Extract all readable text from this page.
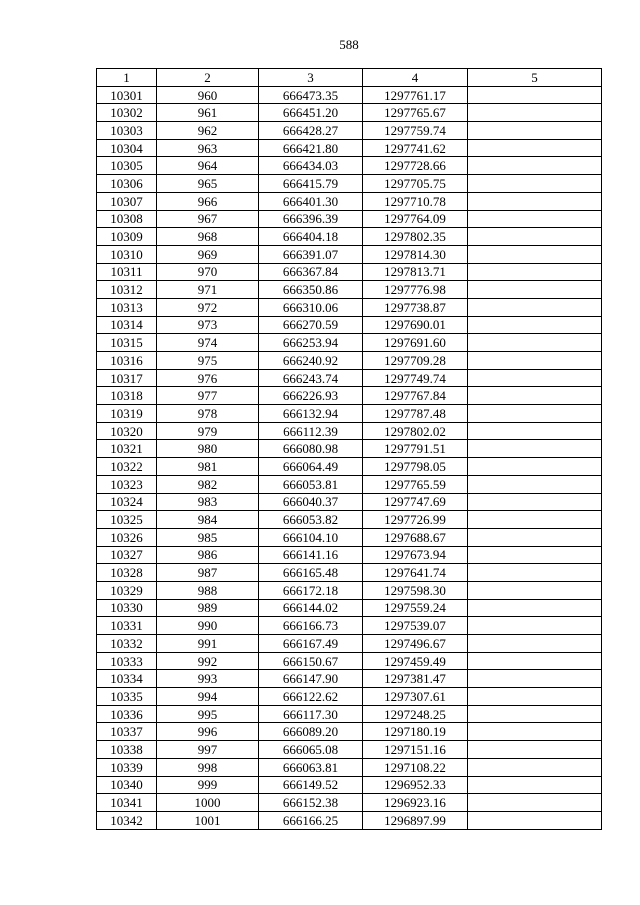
588
1	2	3	4	5
10301	960	666473.35	1297761.17	
10302	961	666451.20	1297765.67	
10303	962	666428.27	1297759.74	
10304	963	666421.80	1297741.62	
10305	964	666434.03	1297728.66	
10306	965	666415.79	1297705.75	
10307	966	666401.30	1297710.78	
10308	967	666396.39	1297764.09	
10309	968	666404.18	1297802.35	
10310	969	666391.07	1297814.30	
10311	970	666367.84	1297813.71	
10312	971	666350.86	1297776.98	
10313	972	666310.06	1297738.87	
10314	973	666270.59	1297690.01	
10315	974	666253.94	1297691.60	
10316	975	666240.92	1297709.28	
10317	976	666243.74	1297749.74	
10318	977	666226.93	1297767.84	
10319	978	666132.94	1297787.48	
10320	979	666112.39	1297802.02	
10321	980	666080.98	1297791.51	
10322	981	666064.49	1297798.05	
10323	982	666053.81	1297765.59	
10324	983	666040.37	1297747.69	
10325	984	666053.82	1297726.99	
10326	985	666104.10	1297688.67	
10327	986	666141.16	1297673.94	
10328	987	666165.48	1297641.74	
10329	988	666172.18	1297598.30	
10330	989	666144.02	1297559.24	
10331	990	666166.73	1297539.07	
10332	991	666167.49	1297496.67	
10333	992	666150.67	1297459.49	
10334	993	666147.90	1297381.47	
10335	994	666122.62	1297307.61	
10336	995	666117.30	1297248.25	
10337	996	666089.20	1297180.19	
10338	997	666065.08	1297151.16	
10339	998	666063.81	1297108.22	
10340	999	666149.52	1296952.33	
10341	1000	666152.38	1296923.16	
10342	1001	666166.25	1296897.99	
